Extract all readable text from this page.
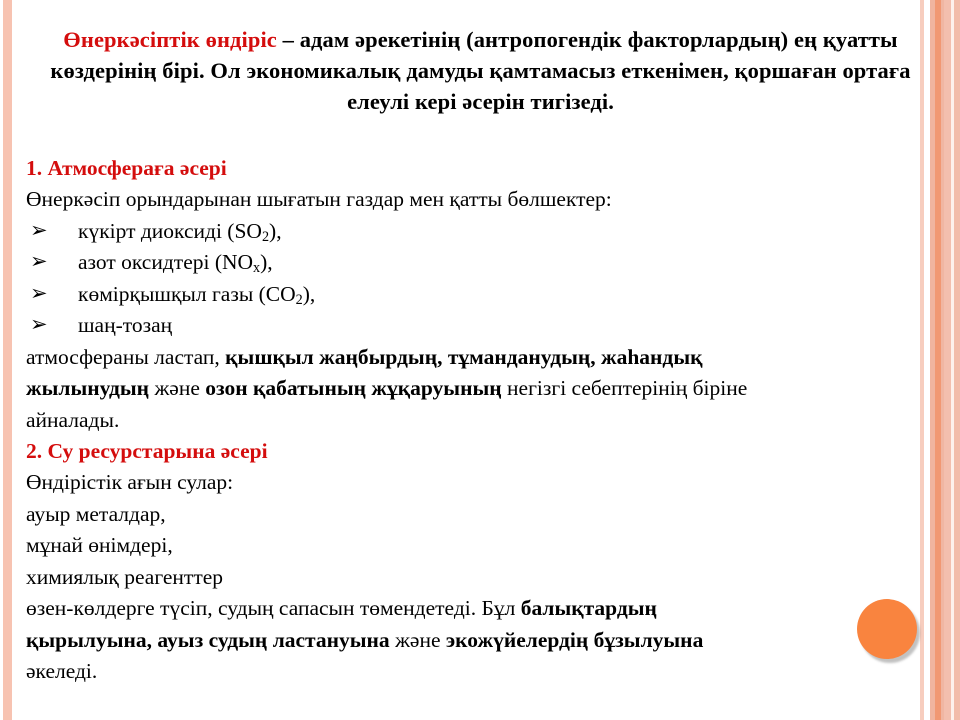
Өнеркәсіптік өндіріс – адам әрекетінің (антропогендік факторлардың) ең қуатты көздерінің бірі. Ол экономикалық дамуды қамтамасыз еткенімен, қоршаған ортаға елеулі кері әсерін тигізеді.
1. Атмосфераға әсері
Өнеркәсіп орындарынан шығатын газдар мен қатты бөлшектер:
➢ күкірт диоксиді $(SO_2)$,
➢ азот оксидтері $(NO_x)$,
➢ көмірқышқыл газы $(CO_2)$,
➢ шаң-тозаң
атмосфераны ластап, қышқыл жаңбырдың, тұманданудың, жаһандық
жылынудың және озон қабатының жұқаруының негізгі себептерінің біріне
айналады.
2. Су ресурстарына әсері
Өндірістік ағын сулар:
ауыр металдар,
мұнай өнімдері,
химиялық реагенттер
өзен-көлдерге түсіп, судың сапасын төмендетеді. Бұл балықтардың
қырылуына, ауыз судың ластануына және экожүйелердің бұзылуына
әкеледі.
